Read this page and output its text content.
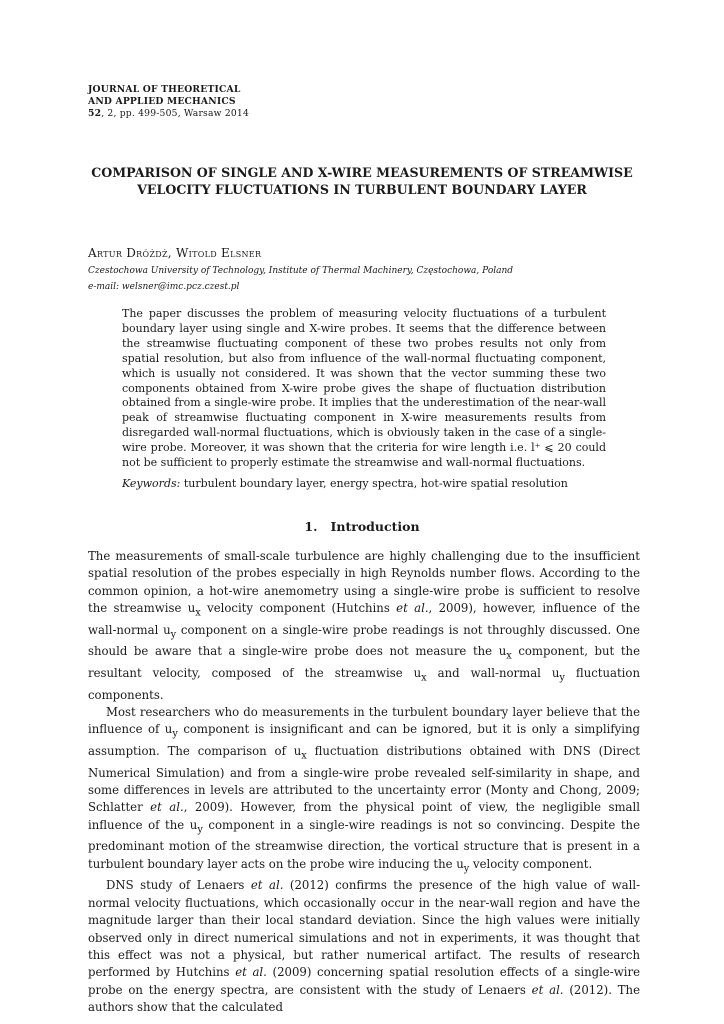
JOURNAL OF THEORETICAL
AND APPLIED MECHANICS
52, 2, pp. 499-505, Warsaw 2014
COMPARISON OF SINGLE AND X-WIRE MEASUREMENTS OF STREAMWISE VELOCITY FLUCTUATIONS IN TURBULENT BOUNDARY LAYER
Artur Dróżdż, Witold Elsner
Czestochowa University of Technology, Institute of Thermal Machinery, Częstochowa, Poland
e-mail: welsner@imc.pcz.czest.pl
The paper discusses the problem of measuring velocity fluctuations of a turbulent boundary layer using single and X-wire probes. It seems that the difference between the streamwise fluctuating component of these two probes results not only from spatial resolution, but also from influence of the wall-normal fluctuating component, which is usually not considered. It was shown that the vector summing these two components obtained from X-wire probe gives the shape of fluctuation distribution obtained from a single-wire probe. It implies that the underestimation of the near-wall peak of streamwise fluctuating component in X-wire measurements results from disregarded wall-normal fluctuations, which is obviously taken in the case of a single-wire probe. Moreover, it was shown that the criteria for wire length i.e. l⁺ ⩽ 20 could not be sufficient to properly estimate the streamwise and wall-normal fluctuations.
Keywords: turbulent boundary layer, energy spectra, hot-wire spatial resolution
1. Introduction

The measurements of small-scale turbulence are highly challenging due to the insufficient spatial resolution of the probes especially in high Reynolds number flows. According to the common opinion, a hot-wire anemometry using a single-wire probe is sufficient to resolve the streamwise $u_x$ velocity component (Hutchins et al., 2009), however, influence of the wall-normal $u_y$ component on a single-wire probe readings is not throughly discussed. One should be aware that a single-wire probe does not measure the $u_x$ component, but the resultant velocity, composed of the streamwise $u_x$ and wall-normal $u_y$ fluctuation components.

Most researchers who do measurements in the turbulent boundary layer believe that the influence of $u_y$ component is insignificant and can be ignored, but it is only a simplifying assumption. The comparison of $u_x$ fluctuation distributions obtained with DNS (Direct Numerical Simulation) and from a single-wire probe revealed self-similarity in shape, and some differences in levels are attributed to the uncertainty error (Monty and Chong, 2009; Schlatter et al., 2009). However, from the physical point of view, the negligible small influence of the $u_y$ component in a single-wire readings is not so convincing. Despite the predominant motion of the streamwise direction, the vortical structure that is present in a turbulent boundary layer acts on the probe wire inducing the $u_y$ velocity component.

DNS study of Lenaers et al. (2012) confirms the presence of the high value of wall-normal velocity fluctuations, which occasionally occur in the near-wall region and have the magnitude larger than their local standard deviation. Since the high values were initially observed only in direct numerical simulations and not in experiments, it was thought that this effect was not a physical, but rather numerical artifact. The results of research performed by Hutchins et al. (2009) concerning spatial resolution effects of a single-wire probe on the energy spectra, are consistent with the study of Lenaers et al. (2012). The authors show that the calculated
